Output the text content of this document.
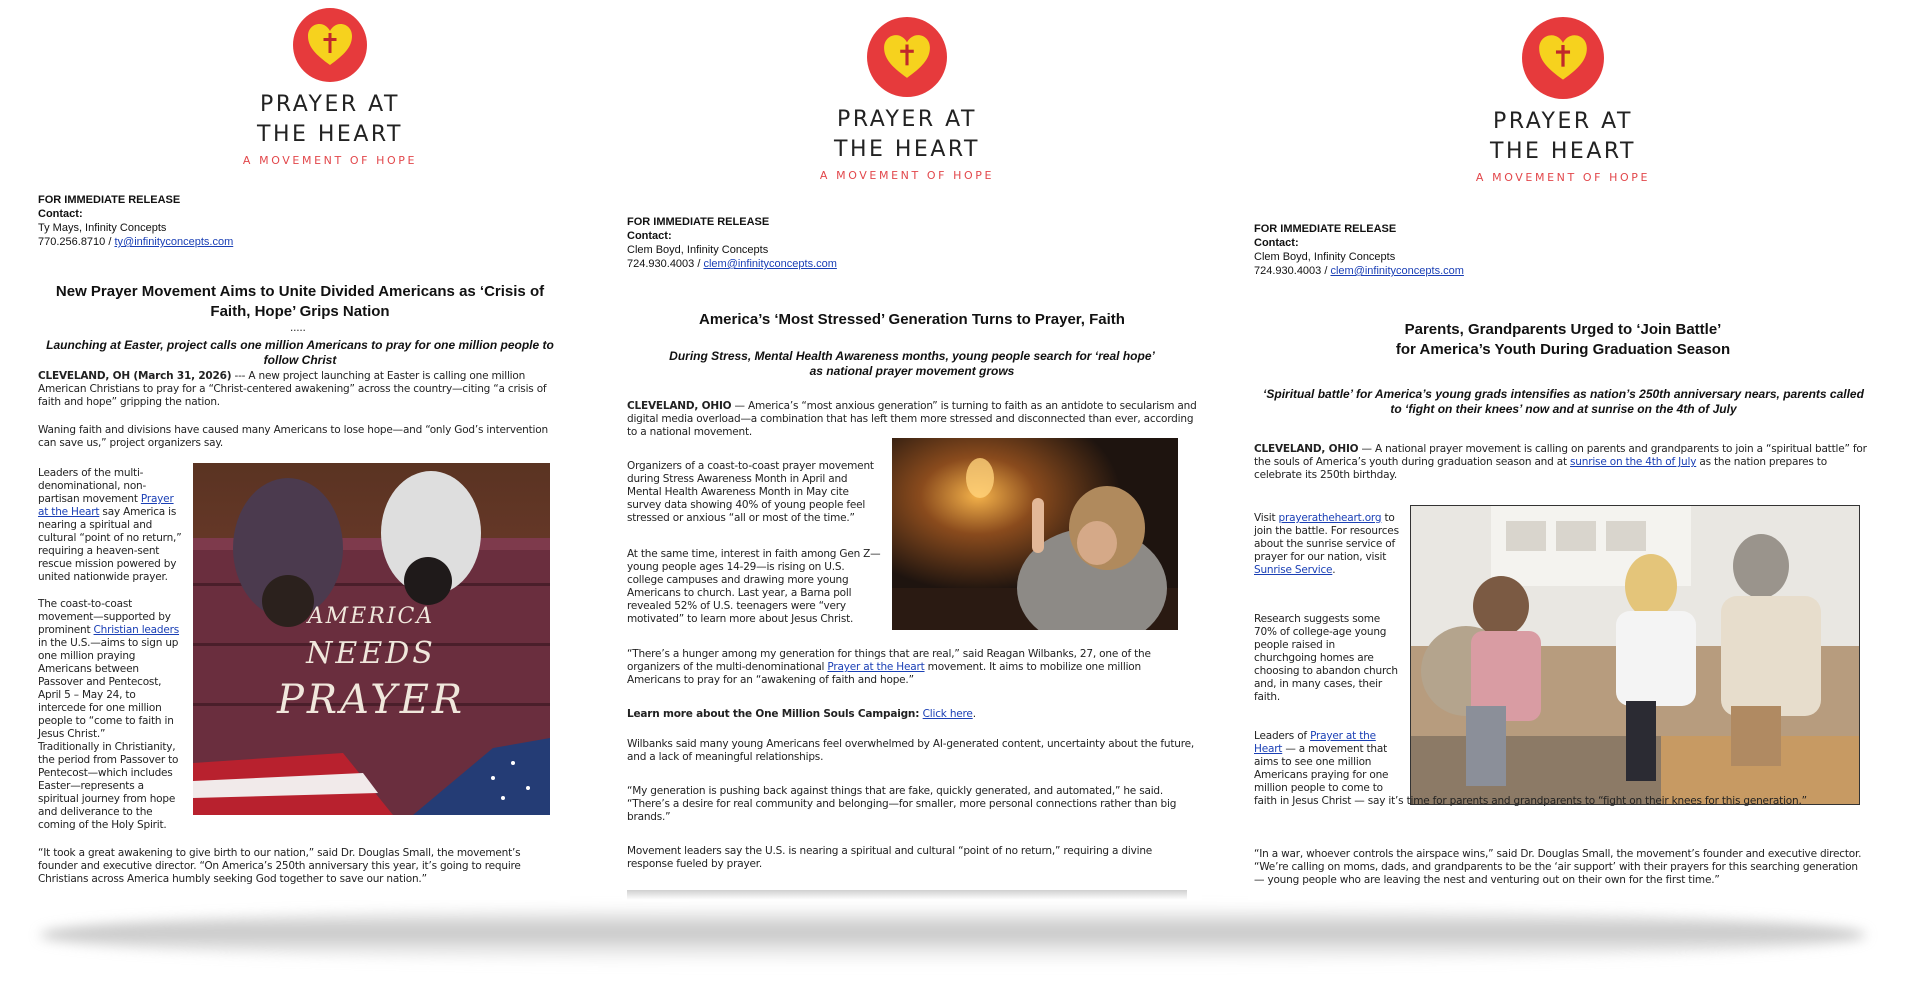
PRAYER AT
THE HEART
A MOVEMENT OF HOPE
FOR IMMEDIATE RELEASE
Contact:
Ty Mays, Infinity Concepts
770.256.8710 / ty@infinityconcepts.com
New Prayer Movement Aims to Unite Divided Americans as ‘Crisis of Faith, Hope’ Grips Nation
.....
Launching at Easter, project calls one million Americans to pray for one million people to follow Christ
CLEVELAND, OH (March 31, 2026) --- A new project launching at Easter is calling one million American Christians to pray for a “Christ-centered awakening” across the country—citing “a crisis of faith and hope” gripping the nation.
Waning faith and divisions have caused many Americans to lose hope—and “only God’s intervention can save us,” project organizers say.
Leaders of the multi-denominational, non-partisan movement Prayer at the Heart say America is nearing a spiritual and cultural “point of no return,” requiring a heaven-sent rescue mission powered by united nationwide prayer.
The coast-to-coast movement—supported by prominent Christian leaders in the U.S.—aims to sign up one million praying Americans between Passover and Pentecost, April 5 – May 24, to intercede for one million people to “come to faith in Jesus Christ.”
Traditionally in Christianity, the period from Passover to Pentecost—which includes Easter—represents a spiritual journey from hope and deliverance to the coming of the Holy Spirit.
AMERICA
NEEDS
PRAYER
“It took a great awakening to give birth to our nation,” said Dr. Douglas Small, the movement’s founder and executive director. “On America’s 250th anniversary this year, it’s going to require Christians across America humbly seeking God together to save our nation.”
PRAYER AT
THE HEART
A MOVEMENT OF HOPE
FOR IMMEDIATE RELEASE
Contact:
Clem Boyd, Infinity Concepts
724.930.4003 / clem@infinityconcepts.com
America’s ‘Most Stressed’ Generation Turns to Prayer, Faith
During Stress, Mental Health Awareness months, young people search for ‘real hope’ as national prayer movement grows
CLEVELAND, OHIO — America’s “most anxious generation” is turning to faith as an antidote to secularism and digital media overload—a combination that has left them more stressed and disconnected than ever, according to a national movement.
Organizers of a coast-to-coast prayer movement during Stress Awareness Month in April and Mental Health Awareness Month in May cite survey data showing 40% of young people feel stressed or anxious “all or most of the time.”
At the same time, interest in faith among Gen Z—young people ages 14-29—is rising on U.S. college campuses and drawing more young Americans to church. Last year, a Barna poll revealed 52% of U.S. teenagers were “very motivated” to learn more about Jesus Christ.
“There’s a hunger among my generation for things that are real,” said Reagan Wilbanks, 27, one of the organizers of the multi-denominational Prayer at the Heart movement. It aims to mobilize one million Americans to pray for an “awakening of faith and hope.”
Learn more about the One Million Souls Campaign: Click here.
Wilbanks said many young Americans feel overwhelmed by AI-generated content, uncertainty about the future, and a lack of meaningful relationships.
“My generation is pushing back against things that are fake, quickly generated, and automated,” he said. “There’s a desire for real community and belonging—for smaller, more personal connections rather than big brands.”
Movement leaders say the U.S. is nearing a spiritual and cultural “point of no return,” requiring a divine response fueled by prayer.
PRAYER AT
THE HEART
A MOVEMENT OF HOPE
FOR IMMEDIATE RELEASE
Contact:
Clem Boyd, Infinity Concepts
724.930.4003 / clem@infinityconcepts.com
Parents, Grandparents Urged to ‘Join Battle’
for America’s Youth During Graduation Season
‘Spiritual battle’ for America’s young grads intensifies as nation’s 250th anniversary nears, parents called to ‘fight on their knees’ now and at sunrise on the 4th of July
CLEVELAND, OHIO — A national prayer movement is calling on parents and grandparents to join a “spiritual battle” for the souls of America’s youth during graduation season and at sunrise on the 4th of July as the nation prepares to celebrate its 250th birthday.
Visit prayeratheheart.org to join the battle. For resources about the sunrise service of prayer for our nation, visit Sunrise Service.
Research suggests some 70% of college-age young people raised in churchgoing homes are choosing to abandon church and, in many cases, their faith.
Leaders of Prayer at the Heart — a movement that aims to see one million Americans praying for one million people to come to faith in Jesus Christ — say it’s time for parents and grandparents to “fight on their knees for this generation.”
“In a war, whoever controls the airspace wins,” said Dr. Douglas Small, the movement’s founder and executive director. “We’re calling on moms, dads, and grandparents to be the ‘air support’ with their prayers for this searching generation — young people who are leaving the nest and venturing out on their own for the first time.”
